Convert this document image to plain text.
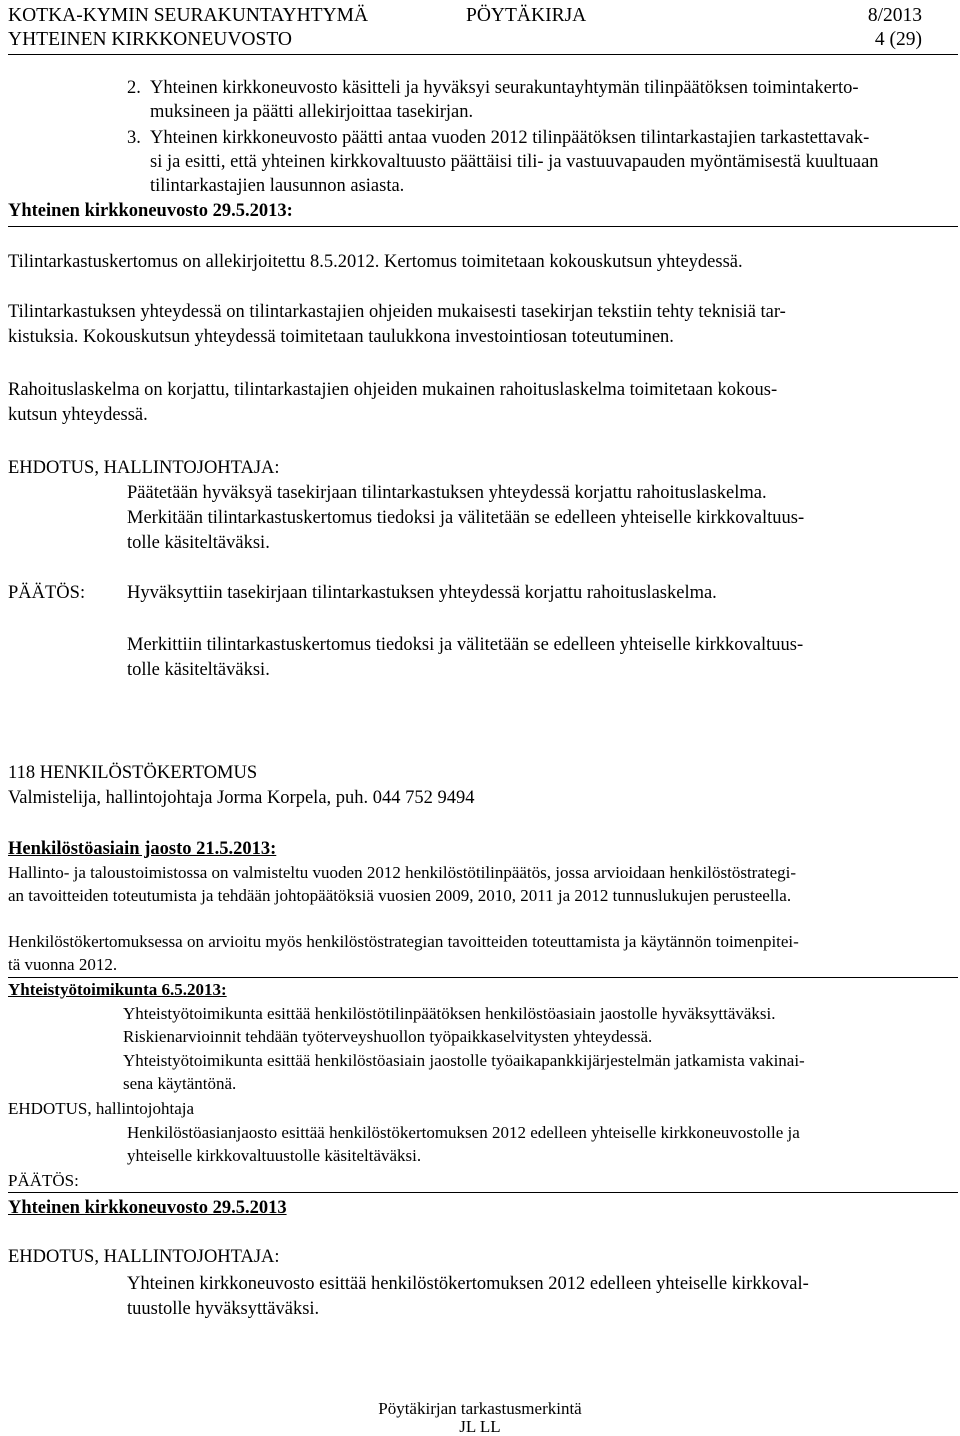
KOTKA-KYMIN SEURAKUNTAYHTYMÄ	PÖYTÄKIRJA	8/2013
YHTEINEN KIRKKONEUVOSTO	4 (29)
2. Yhteinen kirkkoneuvosto käsitteli ja hyväksyi seurakuntayhtymän tilinpäätöksen toimintakerto-
muksineen ja päätti allekirjoittaa tasekirjan.
3. Yhteinen kirkkoneuvosto päätti antaa vuoden 2012 tilinpäätöksen tilintarkastajien tarkastettavak-
si ja esitti, että yhteinen kirkkovaltuusto päättäisi tili- ja vastuuvapauden myöntämisestä kuultuaan
tilintarkastajien lausunnon asiasta.
Yhteinen kirkkoneuvosto 29.5.2013:
Tilintarkastuskertomus on allekirjoitettu 8.5.2012. Kertomus toimitetaan kokouskutsun yhteydessä.
Tilintarkastuksen yhteydessä on tilintarkastajien ohjeiden mukaisesti tasekirjan tekstiin tehty teknisiä tar-
kistuksia. Kokouskutsun yhteydessä toimitetaan taulukkona investointiosan toteutuminen.
Rahoituslaskelma on korjattu, tilintarkastajien ohjeiden mukainen rahoituslaskelma toimitetaan kokous-
kutsun yhteydessä.
EHDOTUS, HALLINTOJOHTAJA:
Päätetään hyväksyä tasekirjaan tilintarkastuksen yhteydessä korjattu rahoituslaskelma.
Merkitään tilintarkastuskertomus tiedoksi ja välitetään se edelleen yhteiselle kirkkovaltuus-
tolle käsiteltäväksi.
PÄÄTÖS: Hyväksyttiin tasekirjaan tilintarkastuksen yhteydessä korjattu rahoituslaskelma.
Merkittiin tilintarkastuskertomus tiedoksi ja välitetään se edelleen yhteiselle kirkkovaltuus-
tolle käsiteltäväksi.
118 HENKILÖSTÖKERTOMUS
Valmistelija, hallintojohtaja Jorma Korpela, puh. 044 752 9494
Henkilöstöasiain jaosto 21.5.2013:
Hallinto- ja taloustoimistossa on valmisteltu vuoden 2012 henkilöstötilinpäätös, jossa arvioidaan henkilöstöstrategi-
an tavoitteiden toteutumista ja tehdään johtopäätöksiä vuosien 2009, 2010, 2011 ja 2012 tunnuslukujen perusteella.
Henkilöstökertomuksessa on arvioitu myös henkilöstöstrategian tavoitteiden toteuttamista ja käytännön toimenpitei-
tä vuonna 2012.
Yhteistyötoimikunta 6.5.2013:
Yhteistyötoimikunta esittää henkilöstötilinpäätöksen henkilöstöasiain jaostolle hyväksyttäväksi.
Riskienarvioinnit tehdään työterveyshuollon työpaikkaselvitysten yhteydessä.
Yhteistyötoimikunta esittää henkilöstöasiain jaostolle työaikapankkijärjestelmän jatkamista vakinai-
sena käytäntönä.
EHDOTUS, hallintojohtaja
Henkilöstöasianjaosto esittää henkilöstökertomuksen 2012 edelleen yhteiselle kirkkoneuvostolle ja
yhteiselle kirkkovaltuustolle käsiteltäväksi.
PÄÄTÖS:
Yhteinen kirkkoneuvosto 29.5.2013
EHDOTUS, HALLINTOJOHTAJA:
Yhteinen kirkkoneuvosto esittää henkilöstökertomuksen 2012 edelleen yhteiselle kirkkoval-
tuustolle hyväksyttäväksi.
Pöytäkirjan tarkastusmerkintä
JL LL
